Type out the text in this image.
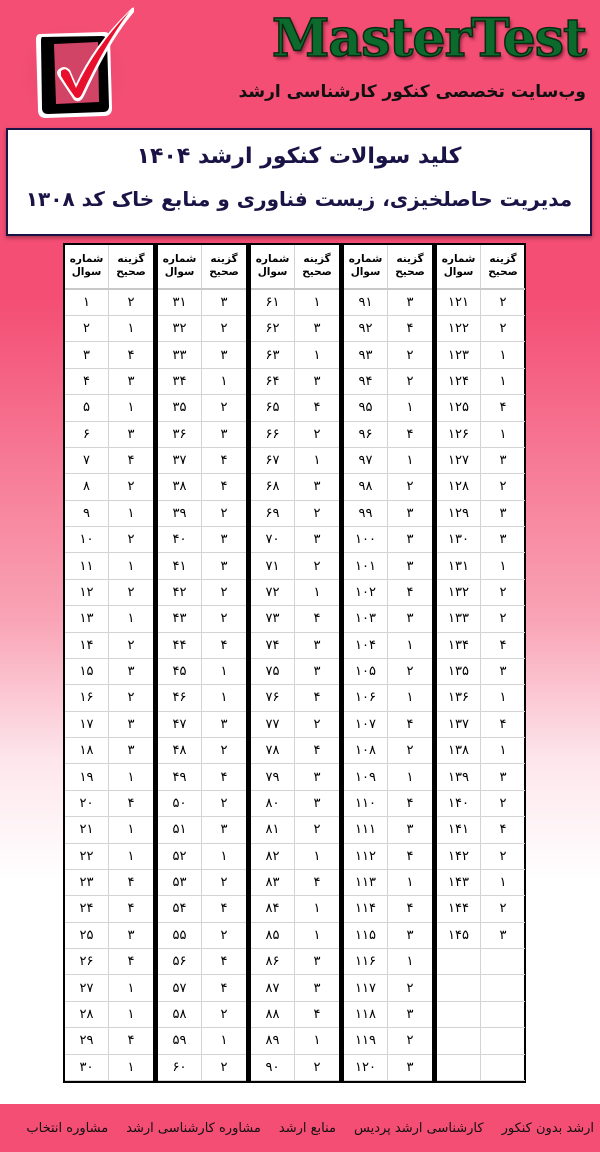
MasterTest
وب‌سایت تخصصی کنکور کارشناسی ارشد
کلید سوالات کنکور ارشد ۱۴۰۴
مدیریت حاصلخیزی، زیست فناوری و منابع خاک کد ۱۳۰۸
شماره
سوال
گزینه
صحیح
۱	۲
۲	۱
۳	۴
۴	۳
۵	۱
۶	۳
۷	۴
۸	۲
۹	۱
۱۰	۲
۱۱	۱
۱۲	۲
۱۳	۱
۱۴	۲
۱۵	۳
۱۶	۲
۱۷	۳
۱۸	۳
۱۹	۱
۲۰	۴
۲۱	۱
۲۲	۱
۲۳	۴
۲۴	۴
۲۵	۳
۲۶	۴
۲۷	۱
۲۸	۱
۲۹	۴
۳۰	۱
شماره
سوال
گزینه
صحیح
۳۱	۳
۳۲	۲
۳۳	۳
۳۴	۱
۳۵	۲
۳۶	۳
۳۷	۴
۳۸	۴
۳۹	۲
۴۰	۳
۴۱	۳
۴۲	۲
۴۳	۲
۴۴	۴
۴۵	۱
۴۶	۱
۴۷	۳
۴۸	۲
۴۹	۴
۵۰	۲
۵۱	۳
۵۲	۱
۵۳	۲
۵۴	۴
۵۵	۲
۵۶	۴
۵۷	۴
۵۸	۲
۵۹	۱
۶۰	۲
شماره
سوال
گزینه
صحیح
۶۱	۱
۶۲	۳
۶۳	۱
۶۴	۳
۶۵	۴
۶۶	۲
۶۷	۱
۶۸	۳
۶۹	۲
۷۰	۳
۷۱	۲
۷۲	۱
۷۳	۴
۷۴	۳
۷۵	۳
۷۶	۴
۷۷	۲
۷۸	۴
۷۹	۳
۸۰	۳
۸۱	۲
۸۲	۱
۸۳	۴
۸۴	۱
۸۵	۱
۸۶	۳
۸۷	۳
۸۸	۴
۸۹	۱
۹۰	۲
شماره
سوال
گزینه
صحیح
۹۱	۳
۹۲	۴
۹۳	۲
۹۴	۲
۹۵	۱
۹۶	۴
۹۷	۱
۹۸	۲
۹۹	۳
۱۰۰	۳
۱۰۱	۳
۱۰۲	۴
۱۰۳	۳
۱۰۴	۱
۱۰۵	۲
۱۰۶	۱
۱۰۷	۴
۱۰۸	۲
۱۰۹	۱
۱۱۰	۴
۱۱۱	۳
۱۱۲	۴
۱۱۳	۱
۱۱۴	۴
۱۱۵	۳
۱۱۶	۱
۱۱۷	۲
۱۱۸	۳
۱۱۹	۲
۱۲۰	۳
شماره
سوال
گزینه
صحیح
۱۲۱	۲
۱۲۲	۲
۱۲۳	۱
۱۲۴	۱
۱۲۵	۴
۱۲۶	۱
۱۲۷	۳
۱۲۸	۲
۱۲۹	۳
۱۳۰	۳
۱۳۱	۱
۱۳۲	۲
۱۳۳	۲
۱۳۴	۴
۱۳۵	۳
۱۳۶	۱
۱۳۷	۴
۱۳۸	۱
۱۳۹	۳
۱۴۰	۲
۱۴۱	۴
۱۴۲	۲
۱۴۳	۱
۱۴۴	۲
۱۴۵	۳
ارشد بدون کنکور
کارشناسی ارشد پردیس
منابع ارشد
مشاوره کارشناسی ارشد
مشاوره انتخاب
